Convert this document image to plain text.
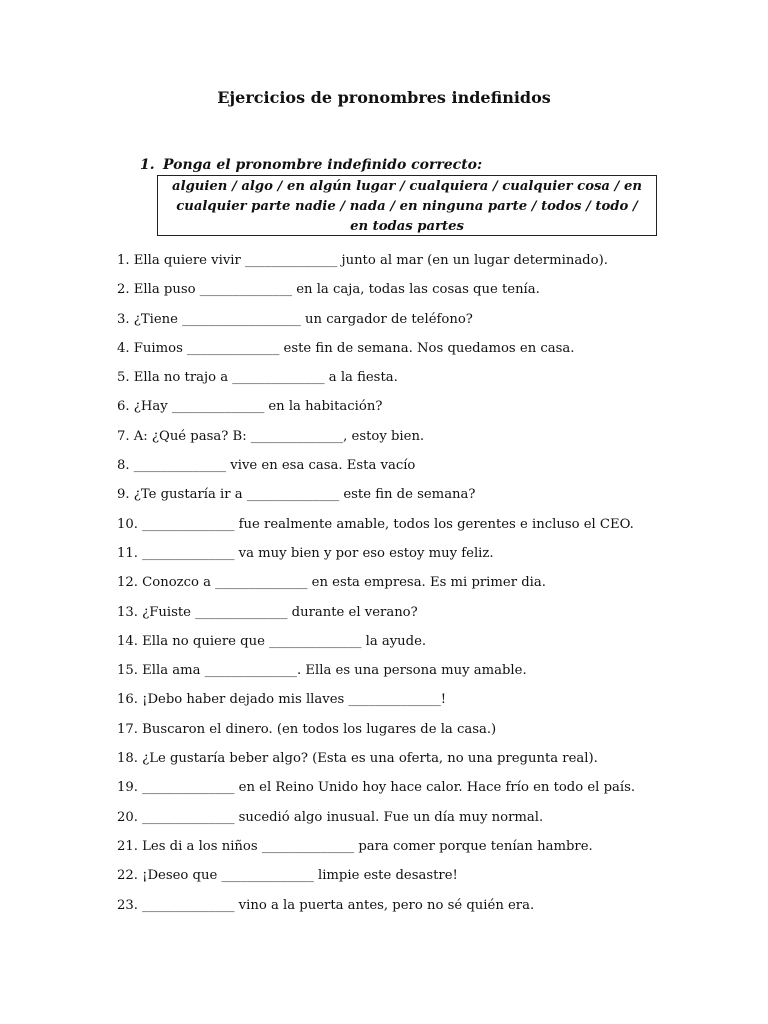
Ejercicios de pronombres indefinidos
1. Ponga el pronombre indefinido correcto:
alguien / algo / en algún lugar / cualquiera / cualquier cosa / en cualquier parte nadie / nada / en ninguna parte / todos / todo / en todas partes
1. Ella quiere vivir ______________ junto al mar (en un lugar determinado).
2. Ella puso ______________ en la caja, todas las cosas que tenía.
3. ¿Tiene __________________ un cargador de teléfono?
4. Fuimos ______________ este fin de semana. Nos quedamos en casa.
5. Ella no trajo a ______________ a la fiesta.
6. ¿Hay ______________ en la habitación?
7. A: ¿Qué pasa? B: ______________, estoy bien.
8. ______________ vive en esa casa. Esta vacío
9. ¿Te gustaría ir a ______________ este fin de semana?
10. ______________ fue realmente amable, todos los gerentes e incluso el CEO.
11. ______________ va muy bien y por eso estoy muy feliz.
12. Conozco a ______________ en esta empresa. Es mi primer dia.
13. ¿Fuiste ______________ durante el verano?
14. Ella no quiere que ______________ la ayude.
15. Ella ama ______________. Ella es una persona muy amable.
16. ¡Debo haber dejado mis llaves ______________!
17. Buscaron el dinero. (en todos los lugares de la casa.)
18. ¿Le gustaría beber algo? (Esta es una oferta, no una pregunta real).
19. ______________ en el Reino Unido hoy hace calor. Hace frío en todo el país.
20. ______________ sucedió algo inusual. Fue un día muy normal.
21. Les di a los niños ______________ para comer porque tenían hambre.
22. ¡Deseo que ______________ limpie este desastre!
23. ______________ vino a la puerta antes, pero no sé quién era.
